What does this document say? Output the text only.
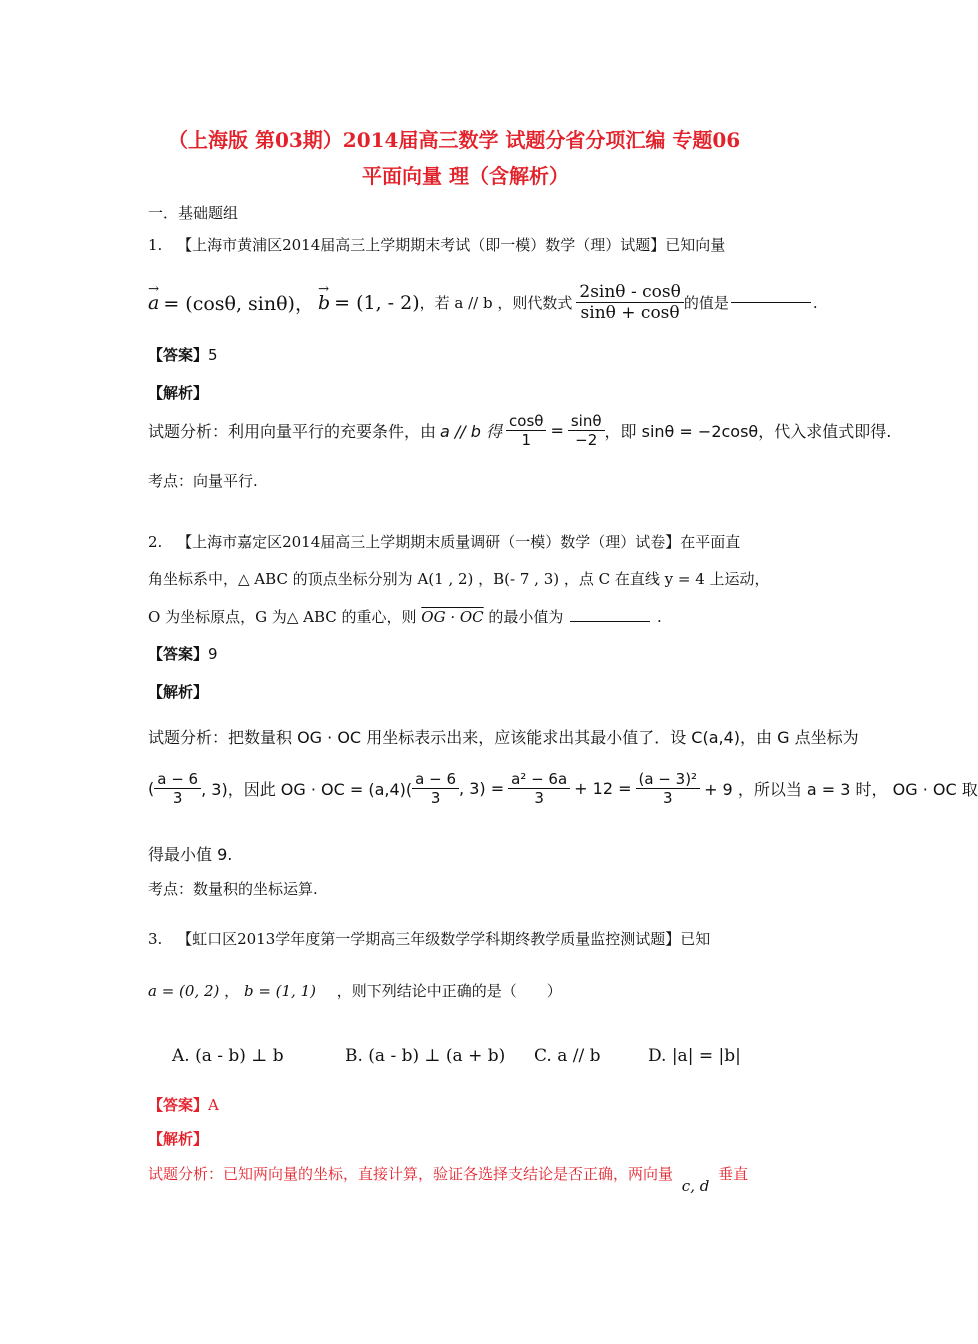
（上海版 第03期）2014届高三数学 试题分省分项汇编 专题06
平面向量 理（含解析）
一．基础题组
1. 【上海市黄浦区2014届高三上学期期末考试（即一模）数学（理）试题】已知向量
→ a = (cosθ, sinθ)， → b = (1, - 2) ，若 a // b ，则代数式 $\frac{2\sin\theta - \cos\theta}{\sin\theta + \cos\theta}$ 的值是	.
【答案】5
【解析】
试题分析：利用向量平行的充要条件，由 a // b 得 $\frac{\cos\theta}{1} = \frac{\sin\theta}{-2}$ ，即 sinθ = −2cosθ，代入求值式即得.
考点：向量平行.
2. 【上海市嘉定区2014届高三上学期期末质量调研（一模）数学（理）试卷】在平面直
角坐标系中，△ ABC 的顶点坐标分别为 A(1 , 2) ，B(- 7 , 3) ，点 C 在直线 y = 4 上运动，
O 为坐标原点，G 为△ ABC 的重心，则 OG · OC 的最小值为	.
【答案】9
【解析】
试题分析：把数量积 OG · OC 用坐标表示出来，应该能求出其最小值了．设 C(a,4)，由 G 点坐标为
( $\frac{a - 6}{3}$ , 3)，因此 OG · OC = $(a,4)( \frac{a - 6}{3}$ , $3) = \frac{\text{a² − 6a}}{3} + 12 = \frac{\text{(a − 3)²}}{3} + 9$ ，所以当 a = 3 时， OG · OC 取
得最小值 9.
考点：数量积的坐标运算.
3. 【虹口区2013学年度第一学期高三年级数学学科期终教学质量监控测试题】已知
a = (0, 2) ， b = (1, 1) ，则下列结论中正确的是（　　）
A. (a - b) ⊥ b	B. (a - b) ⊥ (a + b) C. a // b	D. |a| = |b|
【答案】A
【解析】
试题分析：已知两向量的坐标，直接计算，验证各选择支结论是否正确，两向量 c, d 垂直
